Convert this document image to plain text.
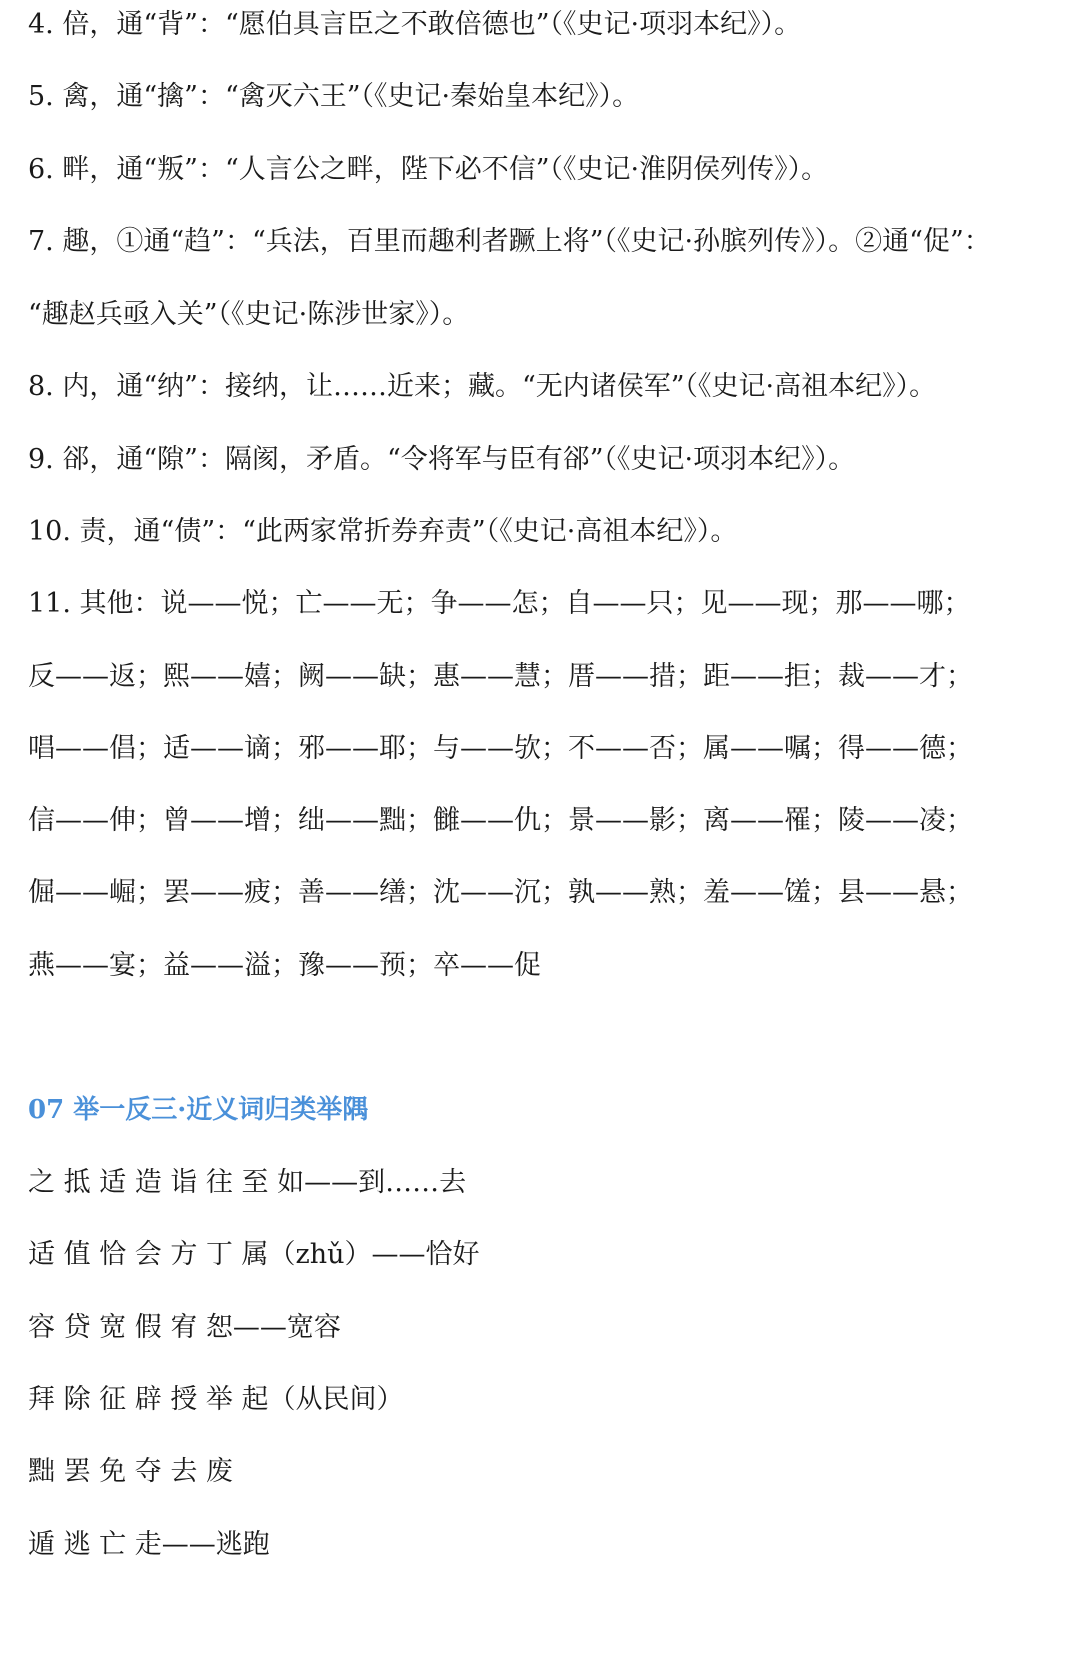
4. 倍，通“背”：“愿伯具言臣之不敢倍德也”（《史记·项羽本纪》）。
5. 禽，通“擒”：“禽灭六王”（《史记·秦始皇本纪》）。
6. 畔，通“叛”：“人言公之畔，陛下必不信”（《史记·淮阴侯列传》）。
7. 趣，①通“趋”：“兵法，百里而趣利者蹶上将”（《史记·孙膑列传》）。②通“促”：
“趣赵兵亟入关”（《史记·陈涉世家》）。
8. 内，通“纳”：接纳，让……近来；藏。“无内诸侯军”（《史记·高祖本纪》）。
9. 郤，通“隙”：隔阂，矛盾。“令将军与臣有郤”（《史记·项羽本纪》）。
10. 责，通“债”：“此两家常折券弃责”（《史记·高祖本纪》）。
11. 其他：说——悦；亡——无；争——怎；自——只；见——现；那——哪；
反——返；熙——嬉；阙——缺；惠——慧；厝——措；距——拒；裁——才；
唱——倡；适——谪；邪——耶；与——欤；不——否；属——嘱；得——德；
信——伸；曾——增；绌——黜；雠——仇；景——影；离——罹；陵——凌；
倔——崛；罢——疲；善——缮；沈——沉；孰——熟；羞——馐；县——悬；
燕——宴；益——溢；豫——预；卒——促
07 举一反三·近义词归类举隅
之 抵 适 造 诣 往 至 如——到……去
适 值 恰 会 方 丁 属（zhǔ）——恰好
容 贷 宽 假 宥 恕——宽容
拜 除 征 辟 授 举 起（从民间）
黜 罢 免 夺 去 废
遁 逃 亡 走——逃跑
